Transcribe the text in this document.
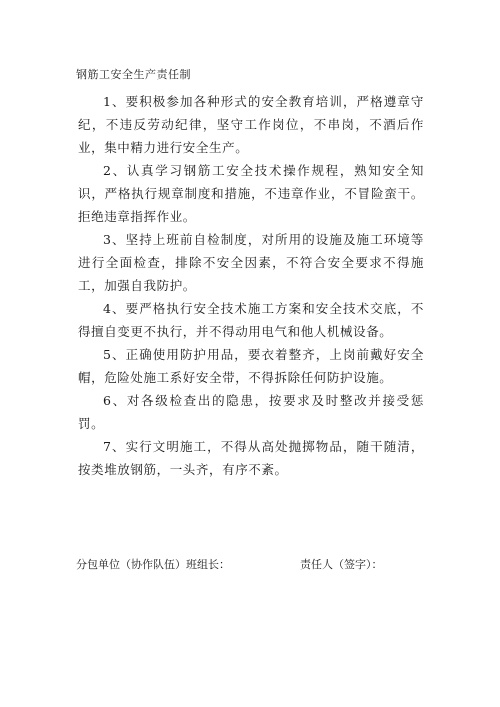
钢筋工安全生产责任制

1、要积极参加各种形式的安全教育培训，严格遵章守纪，不违反劳动纪律，坚守工作岗位，不串岗，不酒后作业，集中精力进行安全生产。

2、认真学习钢筋工安全技术操作规程，熟知安全知识，严格执行规章制度和措施，不违章作业，不冒险蛮干。拒绝违章指挥作业。

3、坚持上班前自检制度，对所用的设施及施工环境等进行全面检查，排除不安全因素，不符合安全要求不得施工，加强自我防护。

4、要严格执行安全技术施工方案和安全技术交底，不得擅自变更不执行，并不得动用电气和他人机械设备。

5、正确使用防护用品，要衣着整齐，上岗前戴好安全帽，危险处施工系好安全带，不得拆除任何防护设施。

6、对各级检查出的隐患，按要求及时整改并接受惩罚。

7、实行文明施工，不得从高处抛掷物品，随干随清，按类堆放钢筋，一头齐，有序不紊。

分包单位（协作队伍）班组长：	责任人（签字）：
